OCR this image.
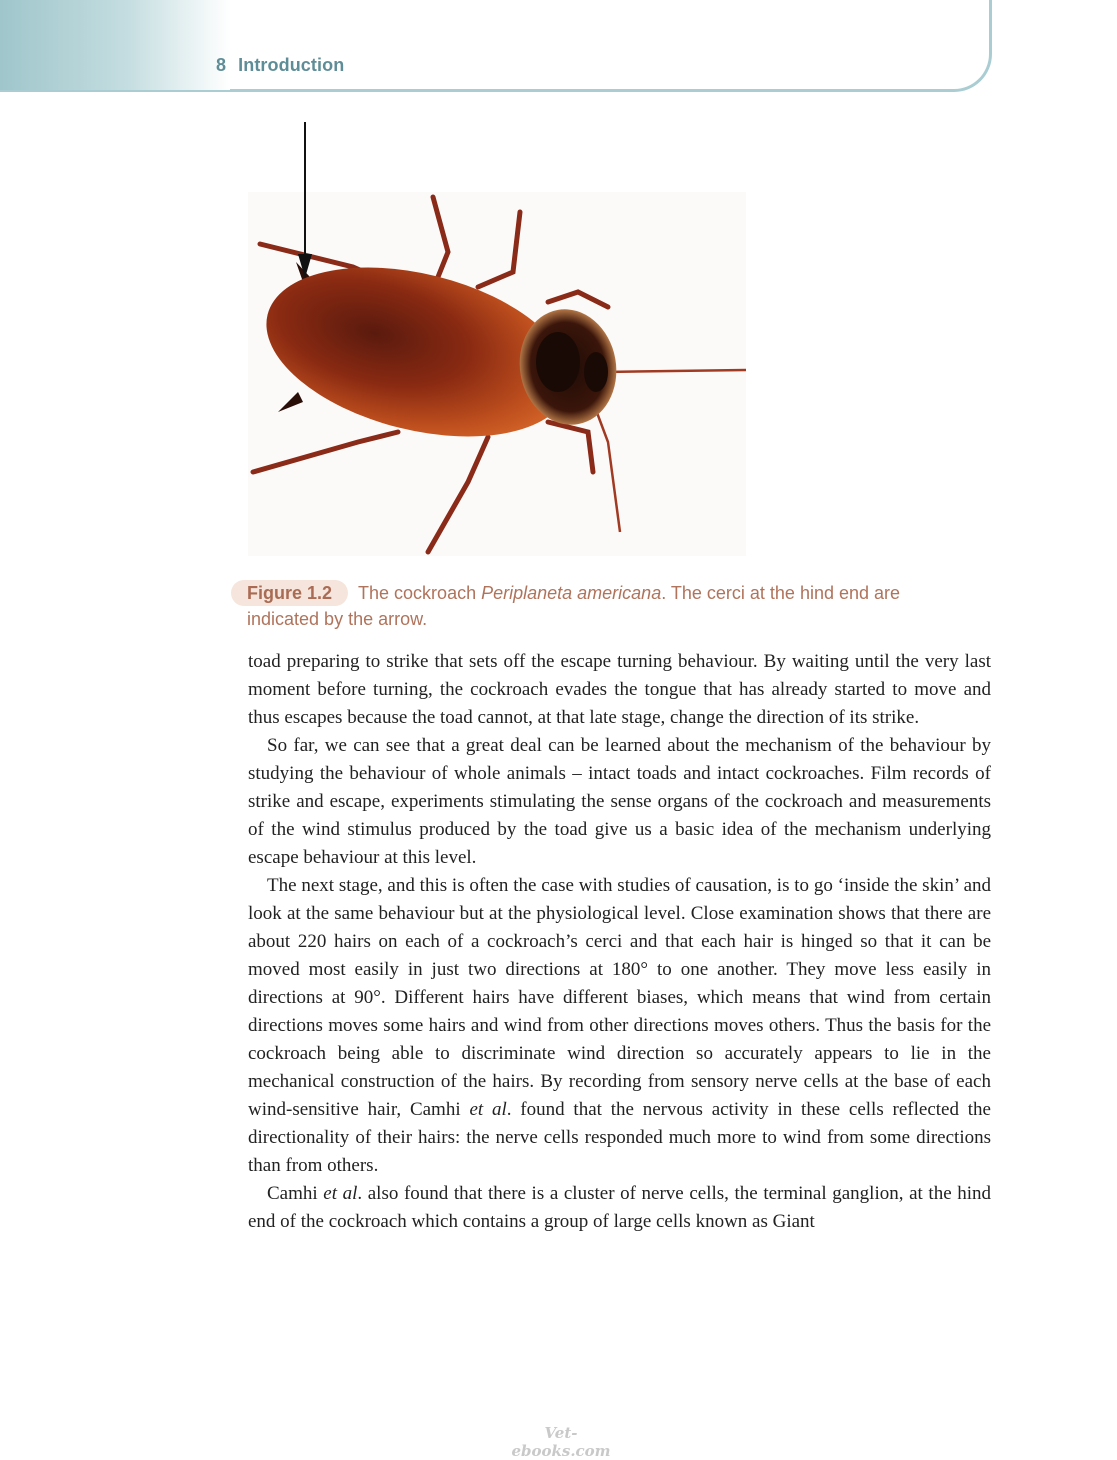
8 Introduction
Figure 1.2 The cockroach Periplaneta americana. The cerci at the hind end are indicated by the arrow.

toad preparing to strike that sets off the escape turning behaviour. By waiting until the very last moment before turning, the cockroach evades the tongue that has already started to move and thus escapes because the toad cannot, at that late stage, change the direction of its strike.

So far, we can see that a great deal can be learned about the mechanism of the behaviour by studying the behaviour of whole animals – intact toads and intact cockroaches. Film records of strike and escape, experiments stimulating the sense organs of the cockroach and measurements of the wind stimulus produced by the toad give us a basic idea of the mechanism underlying escape behaviour at this level.

The next stage, and this is often the case with studies of causation, is to go ‘inside the skin’ and look at the same behaviour but at the physiological level. Close examination shows that there are about 220 hairs on each of a cockroach’s cerci and that each hair is hinged so that it can be moved most easily in just two directions at 180° to one another. They move less easily in directions at 90°. Different hairs have different biases, which means that wind from certain directions moves some hairs and wind from other directions moves others. Thus the basis for the cockroach being able to discriminate wind direction so accurately appears to lie in the mechanical construction of the hairs. By recording from sensory nerve cells at the base of each wind-sensitive hair, Camhi et al. found that the nervous activity in these cells reflected the directionality of their hairs: the nerve cells responded much more to wind from some directions than from others.

Camhi et al. also found that there is a cluster of nerve cells, the terminal ganglion, at the hind end of the cockroach which contains a group of large cells known as Giant

Vet-ebooks.com
